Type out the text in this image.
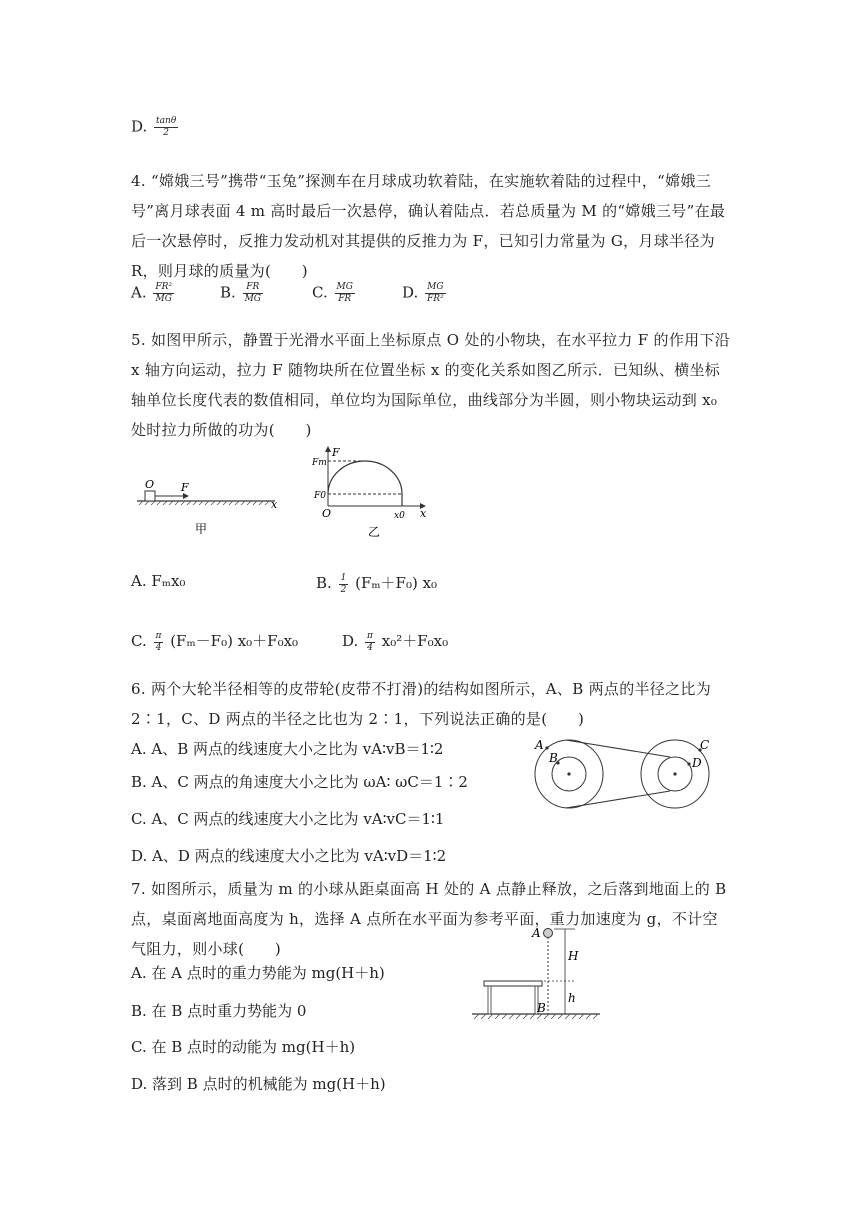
D. $\frac{\tan\theta}{2}$
4. “嫦娥三号”携带“玉兔”探测车在月球成功软着陆，在实施软着陆的过程中，“嫦娥三号”离月球表面 4 m 高时最后一次悬停，确认着陆点．若总质量为 M 的“嫦娥三号”在最后一次悬停时，反推力发动机对其提供的反推力为 F，已知引力常量为 G，月球半径为 R，则月球的质量为(　　)
A. $\frac{\text{FR²}}{MG}$	B. $\frac{FR}{MG}$	C. $\frac{MG}{FR}$	D. $\frac{MG}{\text{FR²}}$
5. 如图甲所示，静置于光滑水平面上坐标原点 O 处的小物块，在水平拉力 F 的作用下沿 x 轴方向运动，拉力 F 随物块所在位置坐标 x 的变化关系如图乙所示．已知纵、横坐标轴单位长度代表的数值相同，单位均为国际单位，曲线部分为半圆，则小物块运动到 x₀ 处时拉力所做的功为(　　)
O F
x
甲
F
Fm
F0
O	x0 x
乙
A. Fₘx₀	B. $\frac{1}{2} (F_m+F_0)$ x₀
C. $\frac{\pi}{4} (F_m-F_0)$ x₀＋F₀x₀	D. $\frac{\pi}{4} x_0^2+F_0x_0$
6. 两个大轮半径相等的皮带轮(皮带不打滑)的结构如图所示，A、B 两点的半径之比为 2∶1，C、D 两点的半径之比也为 2∶1，下列说法正确的是(　　)
A. A、B 两点的线速度大小之比为 vA∶vB＝1∶2
B. A、C 两点的角速度大小之比为 ωA∶ ωC＝1∶2
C. A、C 两点的线速度大小之比为 vA∶vC＝1∶1
D. A、D 两点的线速度大小之比为 vA∶vD＝1∶2
A
B
C
D
7. 如图所示，质量为 m 的小球从距桌面高 H 处的 A 点静止释放，之后落到地面上的 B 点，桌面离地面高度为 h，选择 A 点所在水平面为参考平面，重力加速度为 g，不计空气阻力，则小球(　　)
A. 在 A 点时的重力势能为 mg(H＋h)
B. 在 B 点时重力势能为 0
C. 在 B 点时的动能为 mg(H＋h)
D. 落到 B 点时的机械能为 mg(H＋h)
A
B
H
h
